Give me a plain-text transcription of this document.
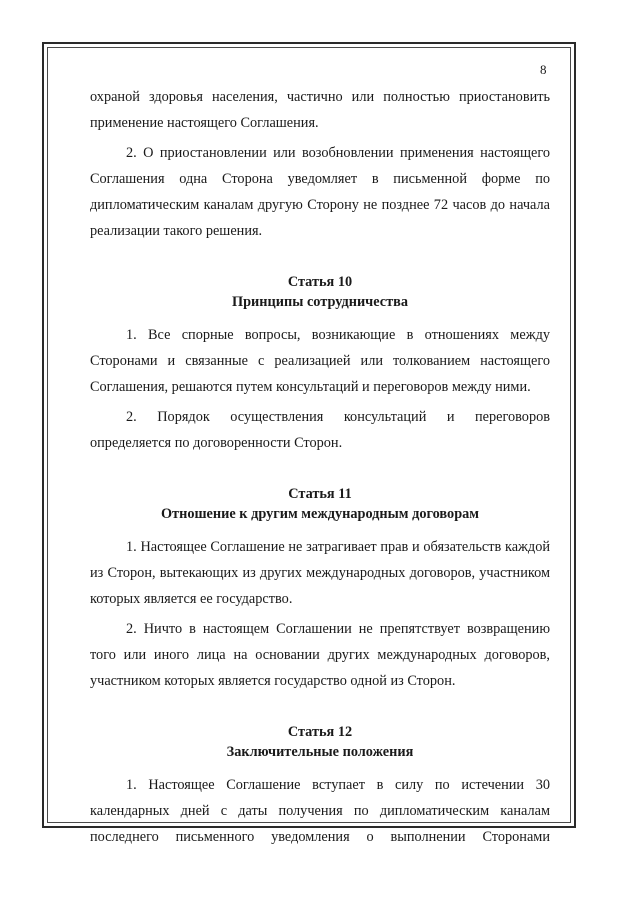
8

охраной здоровья населения, частично или полностью приостановить применение настоящего Соглашения.

2. О приостановлении или возобновлении применения настоящего Соглашения одна Сторона уведомляет в письменной форме по дипломатическим каналам другую Сторону не позднее 72 часов до начала реализации такого решения.

Статья 10
Принципы сотрудничества

1. Все спорные вопросы, возникающие в отношениях между Сторонами и связанные с реализацией или толкованием настоящего Соглашения, решаются путем консультаций и переговоров между ними.

2. Порядок осуществления консультаций и переговоров определяется по договоренности Сторон.

Статья 11
Отношение к другим международным договорам

1. Настоящее Соглашение не затрагивает прав и обязательств каждой из Сторон, вытекающих из других международных договоров, участником которых является ее государство.

2. Ничто в настоящем Соглашении не препятствует возвращению того или иного лица на основании других международных договоров, участником которых является государство одной из Сторон.

Статья 12
Заключительные положения

1. Настоящее Соглашение вступает в силу по истечении 30 календарных дней с даты получения по дипломатическим каналам последнего письменного уведомления о выполнении Сторонами
